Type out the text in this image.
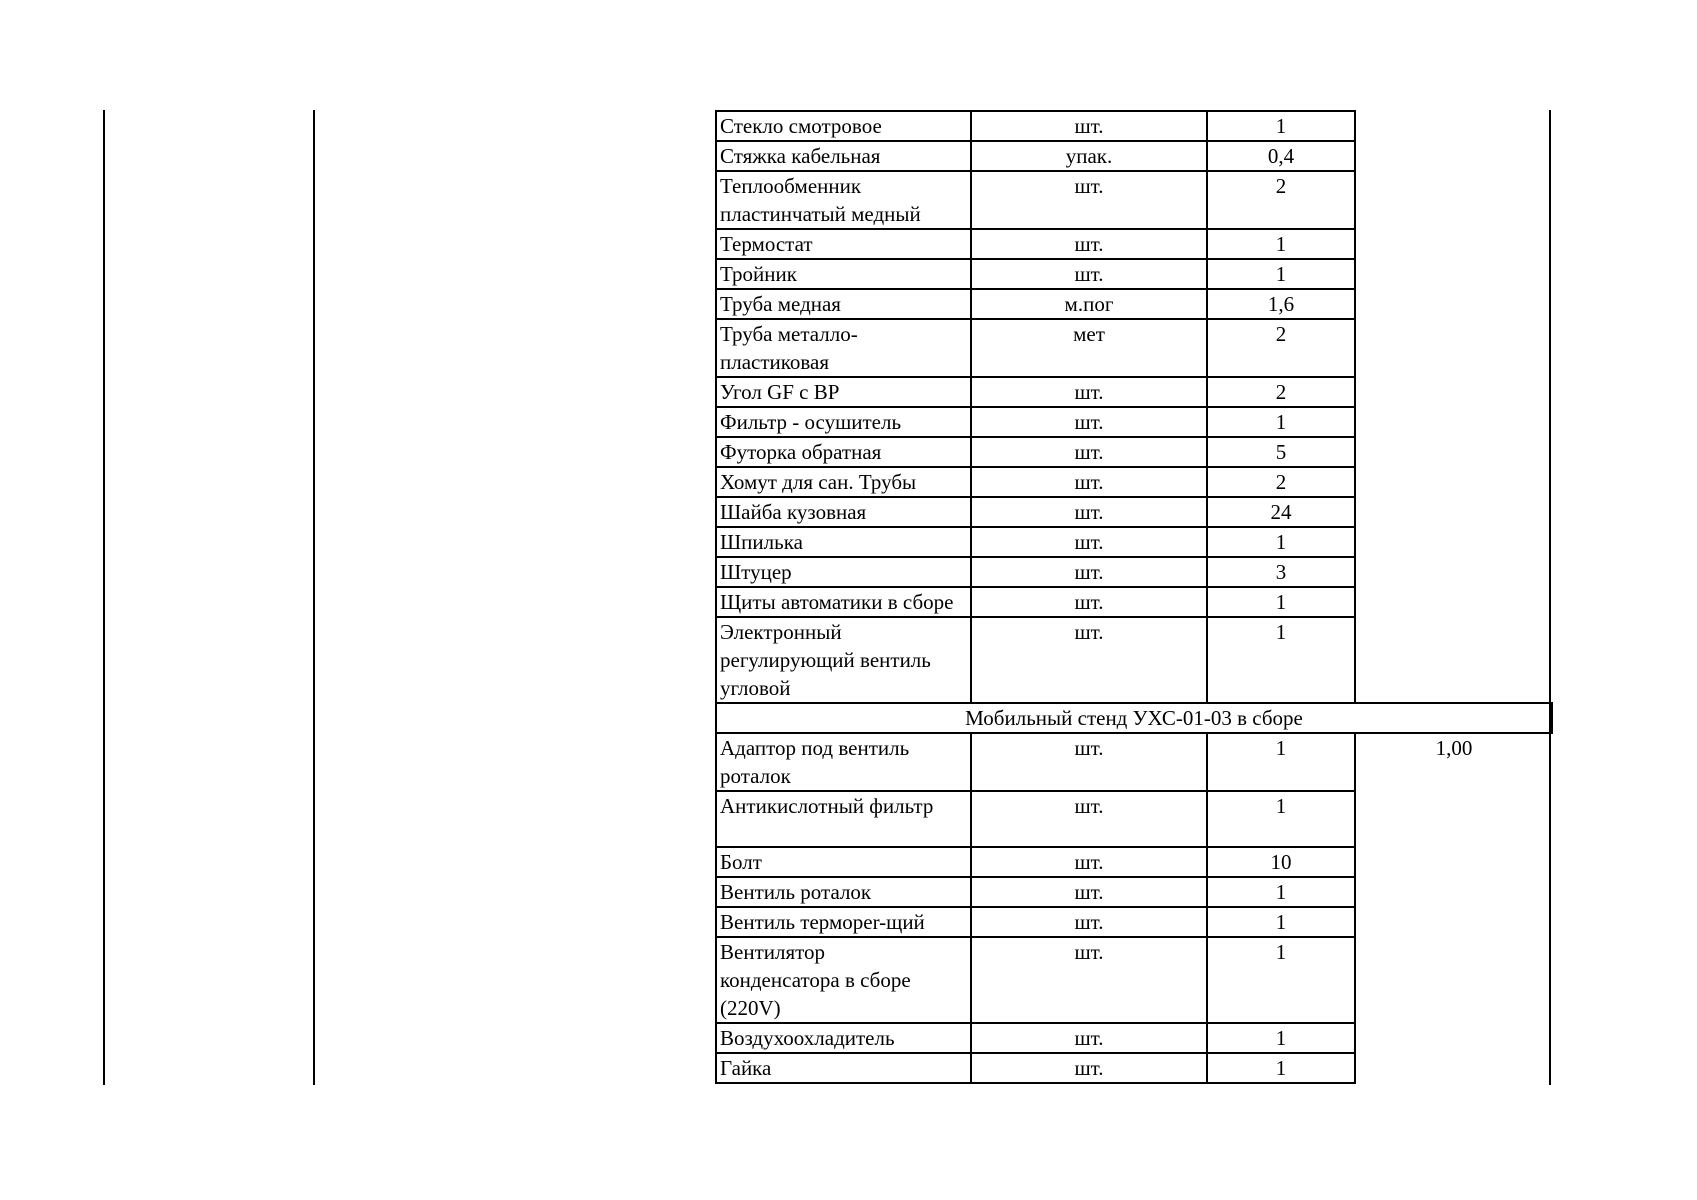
Стекло смотровое	шт.	1	
Стяжка кабельная	упак.	0,4	
Теплообменник
пластинчатый медный	шт.	2	
Термостат	шт.	1	
Тройник	шт.	1	
Труба медная	м.пог	1,6	
Труба металло-
пластиковая	мет	2	
Угол GF с ВР	шт.	2	
Фильтр - осушитель	шт.	1	
Футорка обратная	шт.	5	
Хомут для сан. Трубы	шт.	2	
Шайба кузовная	шт.	24	
Шпилька	шт.	1	
Штуцер	шт.	3	
Щиты автоматики в сборе	шт.	1	
Электронный
регулирующий вентиль
угловой	шт.	1	
Мобильный стенд УХС-01-03 в сборе			
Адаптор под вентиль
роталок	шт.	1	1,00
Антикислотный фильтр	шт.	1	
Болт	шт.	10	
Вентиль роталок	шт.	1	
Вентиль термореr-щий	шт.	1	
Вентилятор
конденсатора в сборе
(220V)	шт.	1	
Воздухоохладитель	шт.	1	
Гайка	шт.	1	
